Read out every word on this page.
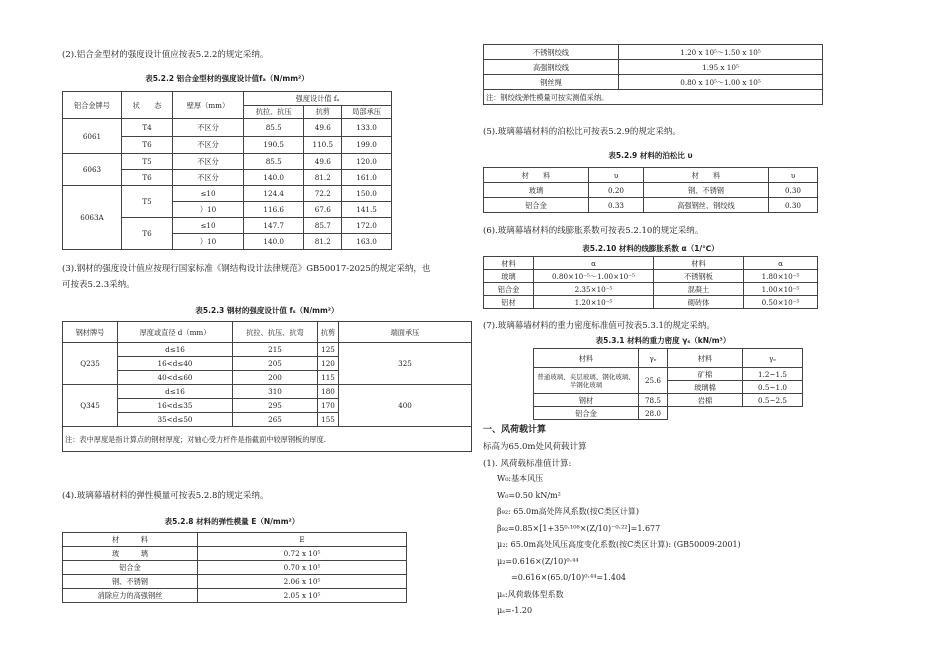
(2).铝合金型材的强度设计值应按表5.2.2的规定采纳。

表5.2.2 铝合金型材的强度设计值fₐ（N/mm²）

铝合金牌号	状　　态	壁厚（mm）	强度设计值 fₐ		
			抗拉、抗压	抗剪	局部承压
6061	T4	不区分	85.5	49.6	133.0
	T6	不区分	190.5	110.5	199.0
6063	T5	不区分	85.5	49.6	120.0
	T6	不区分	140.0	81.2	161.0
6063A	T5	≤10	124.4	72.2	150.0
		）10	116.6	67.6	141.5
	T6	≤10	147.7	85.7	172.0
		）10	140.0	81.2	163.0

(3).钢材的强度设计值应按现行国家标准《钢结构设计法律规范》GB50017-2025的规定采纳，也

可按表5.2.3采纳。

表5.2.3 钢材的强度设计值 fₛ（N/mm²）

钢材牌号	厚度或直径 d（mm）	抗拉、抗压、抗弯	抗剪	端面承压
Q235	d≤16	215	125	325
	16<d≤40	205	120	
	40<d≤60	200	115	
Q345	d≤16	310	180	400
	16<d≤35	295	170	
	35<d≤50	265	155	
注：表中厚度是指计算点的钢材厚度；对轴心受力杆件是指截面中较厚钢板的厚度.				

(4).玻璃幕墙材料的弹性模量可按表5.2.8的规定采纳。

表5.2.8 材料的弹性模量 E（N/mm²）

材　　　料	E
玻　　　璃	0.72 x 10⁵
铝合金	0.70 x 10⁵
钢、不锈钢	2.06 x 10⁵
消除应力的高强钢丝	2.05 x 10⁵
不锈钢绞线	1.20 x 10⁵～1.50 x 10⁵
高强钢绞线	1.95 x 10⁵
钢丝绳	0.80 x 10⁵～1.00 x 10⁵
注：钢绞线弹性模量可按实测值采纳。	

(5).玻璃幕墙材料的泊松比可按表5.2.9的规定采纳。

表5.2.9 材料的泊松比 υ

材　　料	υ	材　　料	υ
玻璃	0.20	钢、不锈钢	0.30
铝合金	0.33	高强钢丝、钢绞线	0.30

(6).玻璃幕墙材料的线膨胀系数可按表5.2.10的规定采纳。

表5.2.10 材料的线膨胀系数 α（1/℃）

材料	α	材料	α
玻璃	0.80×10⁻⁵～1.00×10⁻⁵	不锈钢板	1.80×10⁻⁵
铝合金	2.35×10⁻⁵	混凝土	1.00×10⁻⁵
铝材	1.20×10⁻⁵	砌砖体	0.50×10⁻⁵

(7).玻璃幕墙材料的重力密度标准值可按表5.3.1的规定采纳。

表5.3.1 材料的重力密度 γₛ（kN/m³）

材料	γₑ	材料	γₑ
普通玻璃、夹层玻璃、钢化玻璃、半钢化玻璃	25.6	矿棉	1.2~1.5
		玻璃棉	0.5~1.0
钢材	78.5	岩棉	0.5~2.5
铝合金	28.0		

一、风荷载计算

标高为65.0m处风荷载计算

(1). 风荷载标准值计算:

W₀:基本风压

W₀=0.50 kN/m²

β₉₂: 65.0m高处阵风系数(按C类区计算)

β₉₂=0.85×[1+35⁰·¹⁰⁸×(Z/10)⁻⁰·²²]=1.677

μ₂: 65.0m高处风压高度变化系数(按C类区计算): (GB50009-2001)

μ₂=0.616×(Z/10)⁰·⁴⁴

=0.616×(65.0/10)⁰·⁴⁴=1.404

μₛ:风荷载体型系数

μₛ=-1.20
